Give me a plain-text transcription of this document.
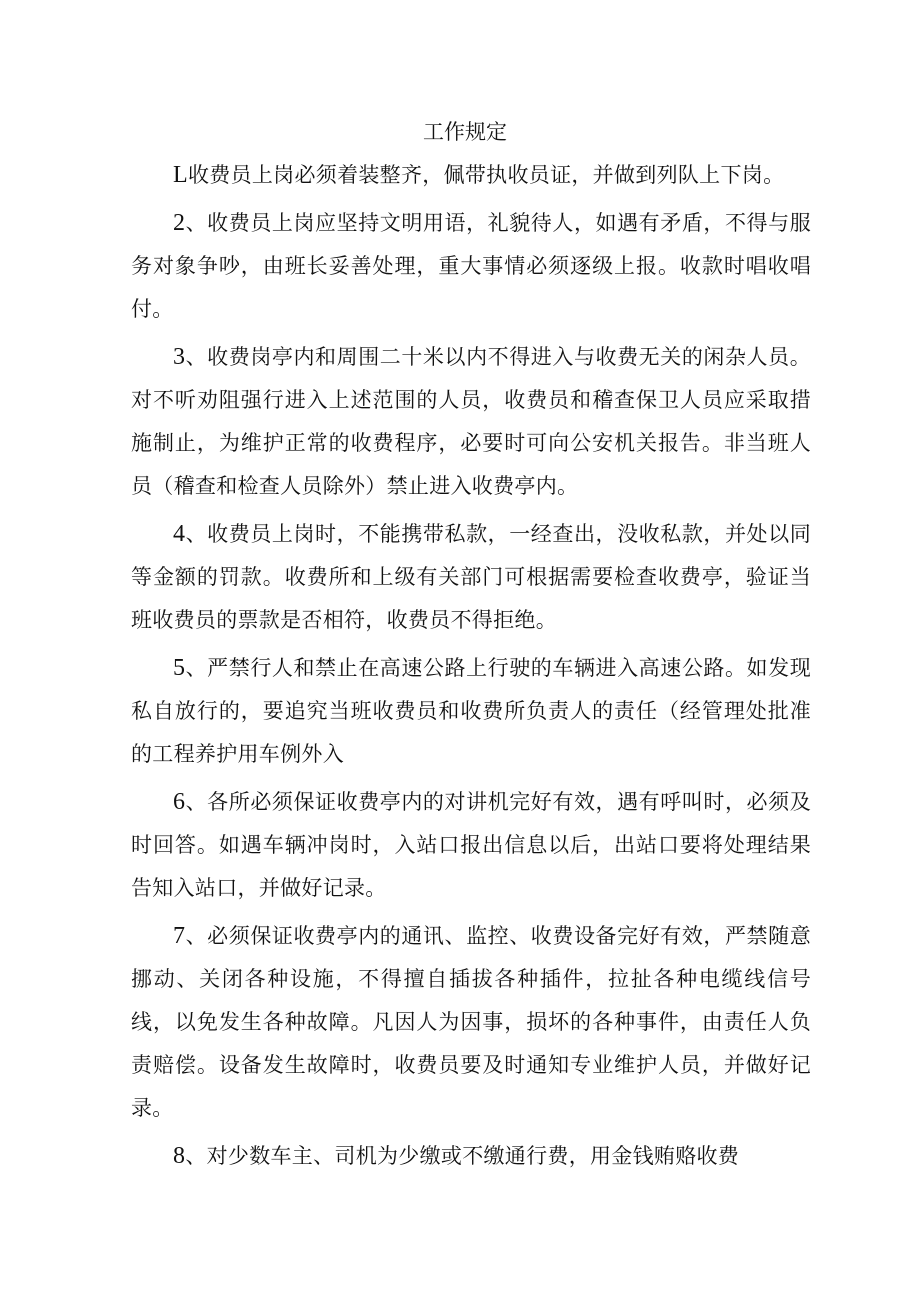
工作规定

L收费员上岗必须着装整齐，佩带执收员证，并做到列队上下岗。

2、收费员上岗应坚持文明用语，礼貌待人，如遇有矛盾，不得与服务对象争吵，由班长妥善处理，重大事情必须逐级上报。收款时唱收唱付。

3、收费岗亭内和周围二十米以内不得进入与收费无关的闲杂人员。对不听劝阻强行进入上述范围的人员，收费员和稽查保卫人员应采取措施制止，为维护正常的收费程序，必要时可向公安机关报告。非当班人员（稽查和检查人员除外）禁止进入收费亭内。

4、收费员上岗时，不能携带私款，一经查出，没收私款，并处以同等金额的罚款。收费所和上级有关部门可根据需要检查收费亭，验证当班收费员的票款是否相符，收费员不得拒绝。

5、严禁行人和禁止在高速公路上行驶的车辆进入高速公路。如发现私自放行的，要追究当班收费员和收费所负责人的责任（经管理处批准的工程养护用车例外入

6、各所必须保证收费亭内的对讲机完好有效，遇有呼叫时，必须及时回答。如遇车辆冲岗时，入站口报出信息以后，出站口要将处理结果告知入站口，并做好记录。

7、必须保证收费亭内的通讯、监控、收费设备完好有效，严禁随意挪动、关闭各种设施，不得擅自插拔各种插件，拉扯各种电缆线信号线，以免发生各种故障。凡因人为因事，损坏的各种事件，由责任人负责赔偿。设备发生故障时，收费员要及时通知专业维护人员，并做好记录。

8、对少数车主、司机为少缴或不缴通行费，用金钱贿赂收费
